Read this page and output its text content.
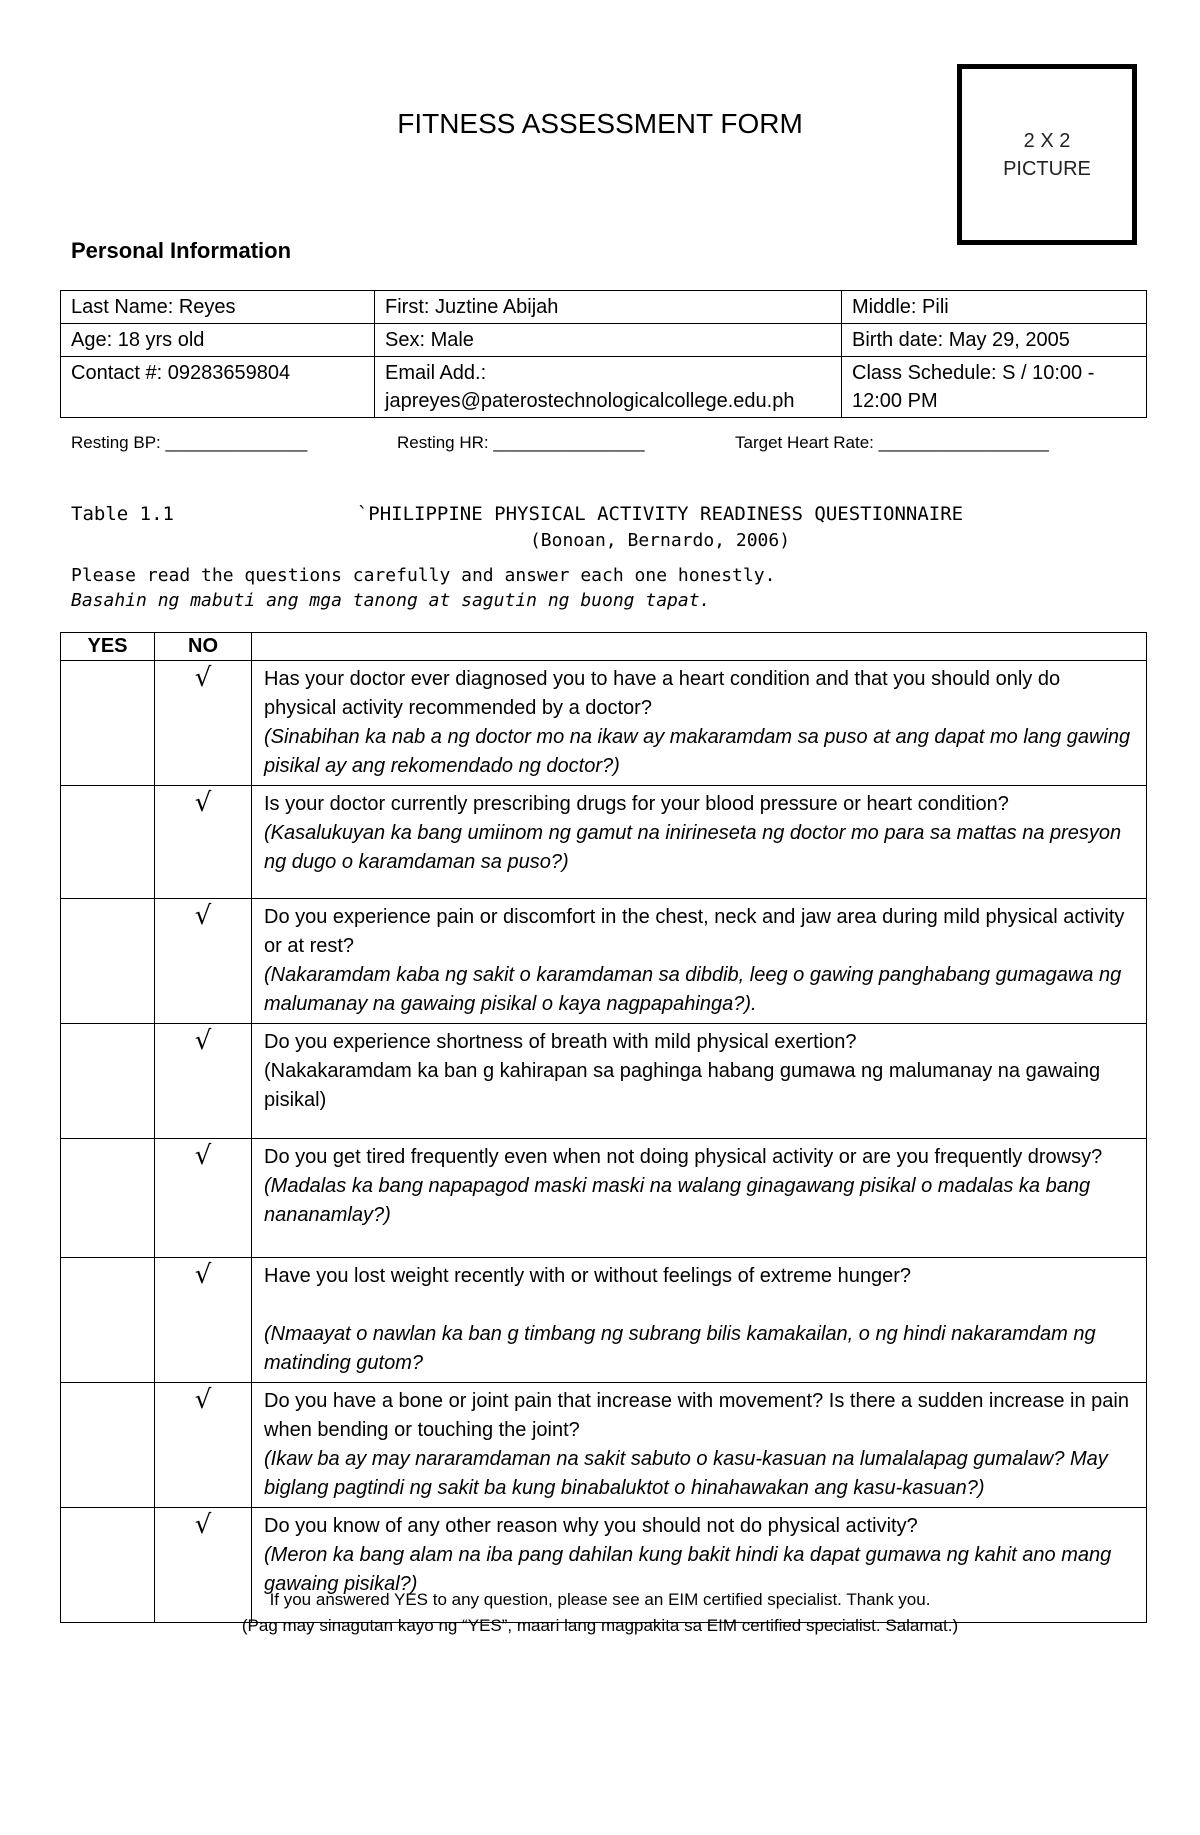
FITNESS ASSESSMENT FORM
2 X 2
PICTURE
Personal Information
Last Name: Reyes	First: Juztine Abijah	Middle: Pili
Age: 18 yrs old	Sex: Male	Birth date: May 29, 2005
Contact #: 09283659804	Email Add.: japreyes@paterostechnologicalcollege.edu.ph	Class Schedule: S / 10:00 - 12:00 PM
Resting BP: _______________	Resting HR: ________________	Target Heart Rate: __________________
Table 1.1	`PHILIPPINE PHYSICAL ACTIVITY READINESS QUESTIONNAIRE
(Bonoan, Bernardo, 2006)
Please read the questions carefully and answer each one honestly.
Basahin ng mabuti ang mga tanong at sagutin ng buong tapat.
YES	NO	
	√	Has your doctor ever diagnosed you to have a heart condition and that you should only do physical activity recommended by a doctor?
(Sinabihan ka nab a ng doctor mo na ikaw ay makaramdam sa puso at ang dapat mo lang gawing pisikal ay ang rekomendado ng doctor?)

	√	Is your doctor currently prescribing drugs for your blood pressure or heart condition?
(Kasalukuyan ka bang umiinom ng gamut na inirineseta ng doctor mo para sa mattas na presyon ng dugo o karamdaman sa puso?)

	√	Do you experience pain or discomfort in the chest, neck and jaw area during mild physical activity or at rest?
(Nakaramdam kaba ng sakit o karamdaman sa dibdib, leeg o gawing panghabang gumagawa ng malumanay na gawaing pisikal o kaya nagpapahinga?).

	√	Do you experience shortness of breath with mild physical exertion?
(Nakakaramdam ka ban g kahirapan sa paghinga habang gumawa ng malumanay na gawaing pisikal)

	√	Do you get tired frequently even when not doing physical activity or are you frequently drowsy?
(Madalas ka bang napapagod maski maski na walang ginagawang pisikal o madalas ka bang nananamlay?)

	√	Have you lost weight recently with or without feelings of extreme hunger?
(Nmaayat o nawlan ka ban g timbang ng subrang bilis kamakailan, o ng hindi nakaramdam ng matinding gutom?

	√	Do you have a bone or joint pain that increase with movement? Is there a sudden increase in pain when bending or touching the joint?
(Ikaw ba ay may nararamdaman na sakit sabuto o kasu-kasuan na lumalalapag gumalaw? May biglang pagtindi ng sakit ba kung binabaluktot o hinahawakan ang kasu-kasuan?)

	√	Do you know of any other reason why you should not do physical activity?
(Meron ka bang alam na iba pang dahilan kung bakit hindi ka dapat gumawa ng kahit ano mang gawaing pisikal?)
If you answered YES to any question, please see an EIM certified specialist. Thank you.
(Pag may sinagutan kayo ng “YES”, maari lang magpakita sa EIM certified specialist. Salamat.)
